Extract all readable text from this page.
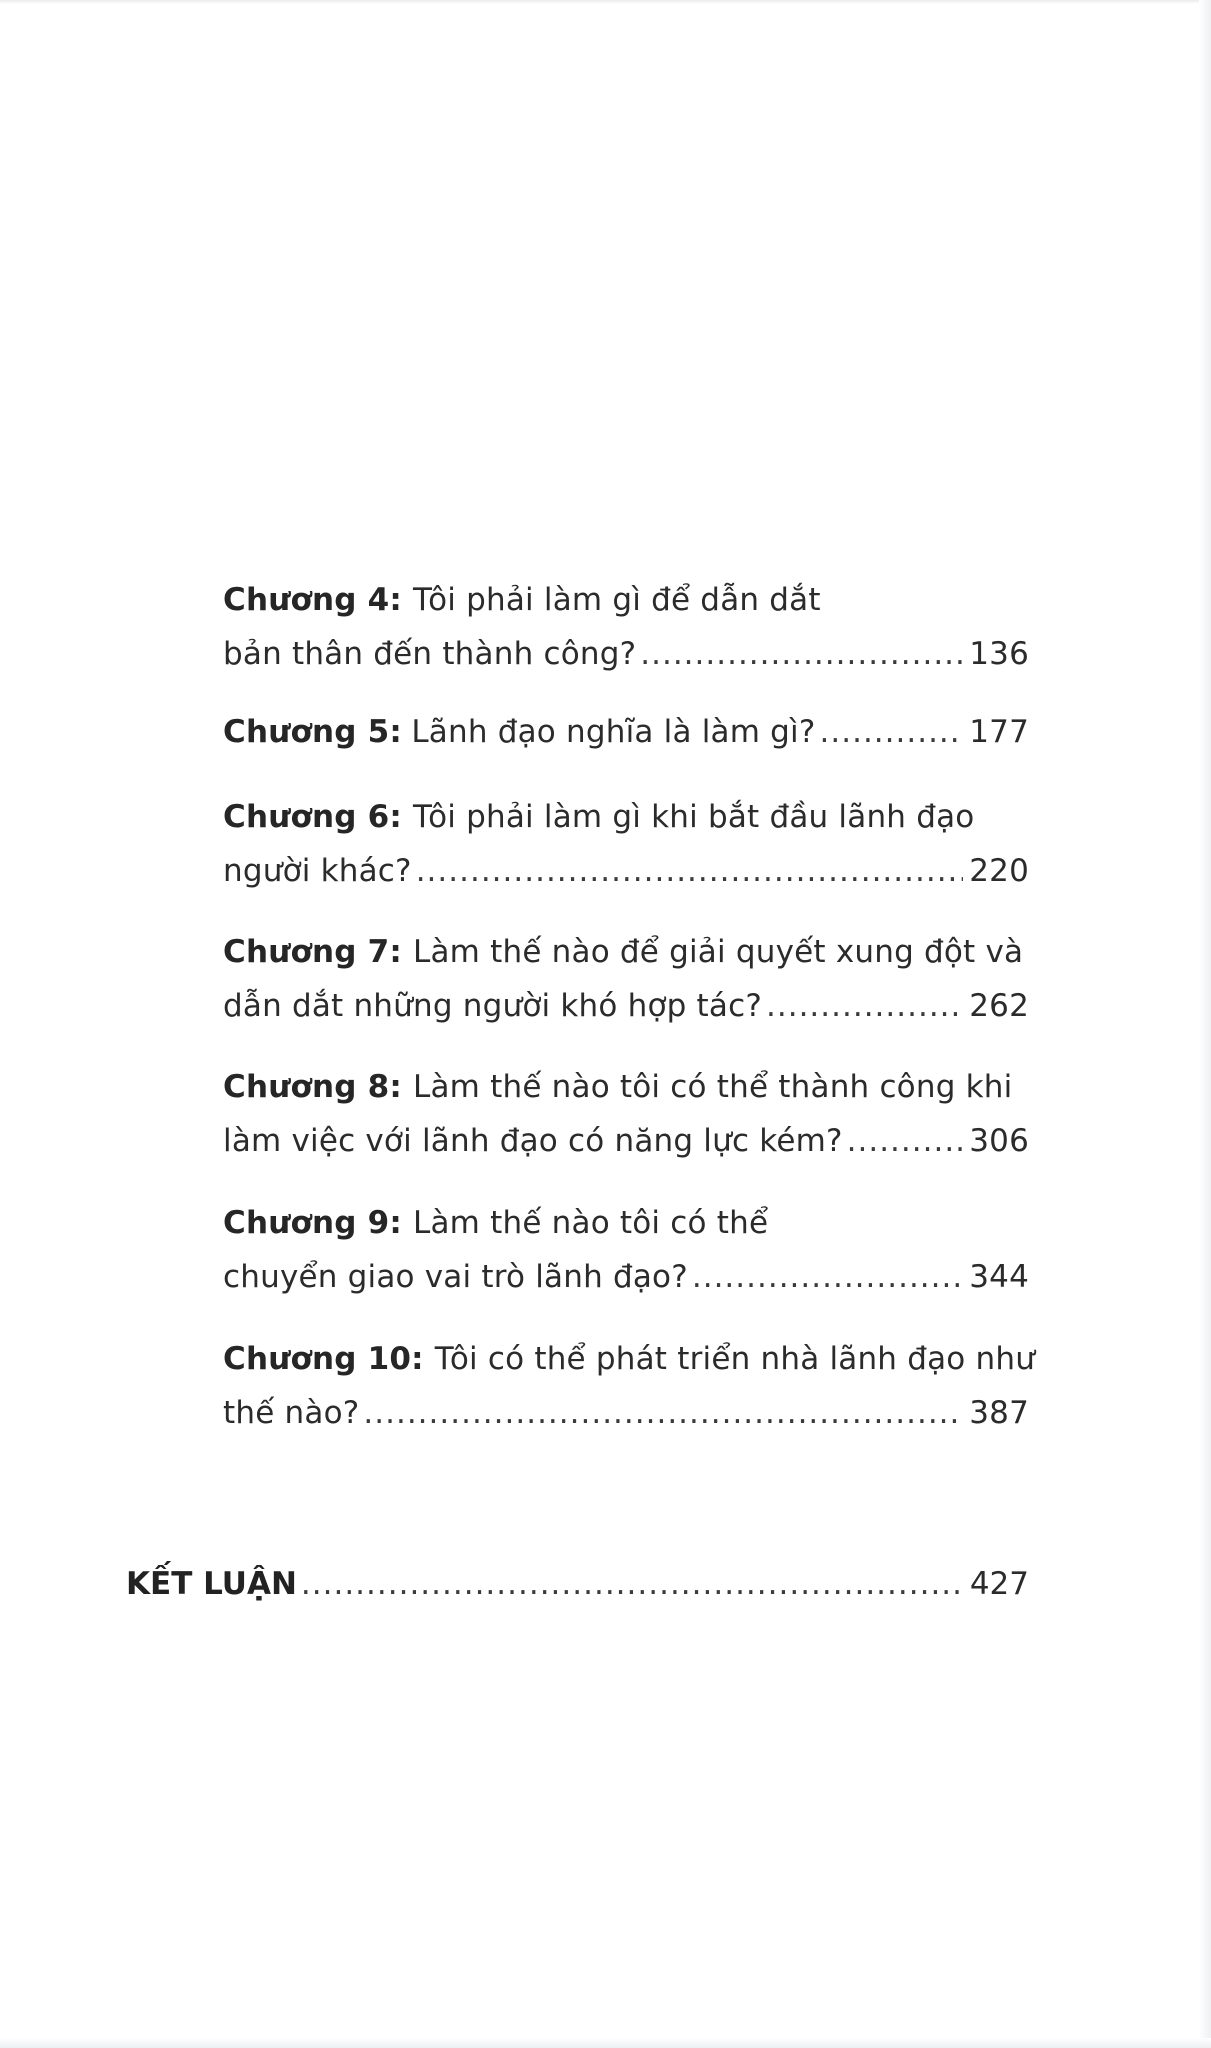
Chương 4: Tôi phải làm gì để dẫn dắt
bản thân đến thành công? .....	136
Chương 5: Lãnh đạo nghĩa là làm gì? .....	177
Chương 6: Tôi phải làm gì khi bắt đầu lãnh đạo
người khác? .....	220
Chương 7: Làm thế nào để giải quyết xung đột và
dẫn dắt những người khó hợp tác? .....	262
Chương 8: Làm thế nào tôi có thể thành công khi
làm việc với lãnh đạo có năng lực kém? .....	306
Chương 9: Làm thế nào tôi có thể
chuyển giao vai trò lãnh đạo? .....	344
Chương 10: Tôi có thể phát triển nhà lãnh đạo như
thế nào? .....	387
KẾT LUẬN .....	427
